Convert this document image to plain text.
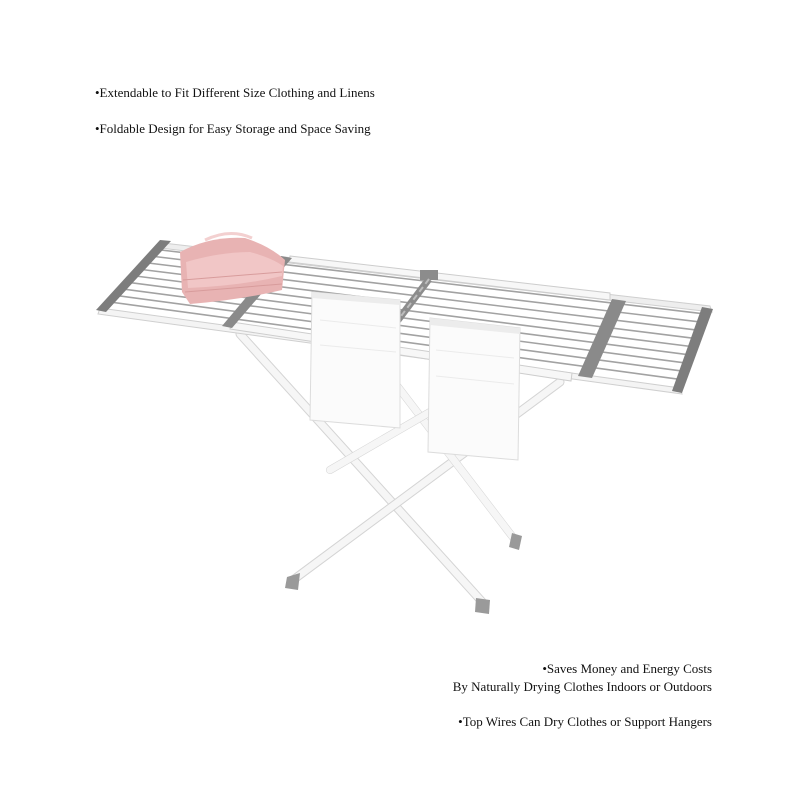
•Extendable to Fit Different Size Clothing and Linens
•Foldable Design for Easy Storage and Space Saving
•Saves Money and Energy Costs
By Naturally Drying Clothes Indoors or Outdoors
•Top Wires Can Dry Clothes or Support Hangers
